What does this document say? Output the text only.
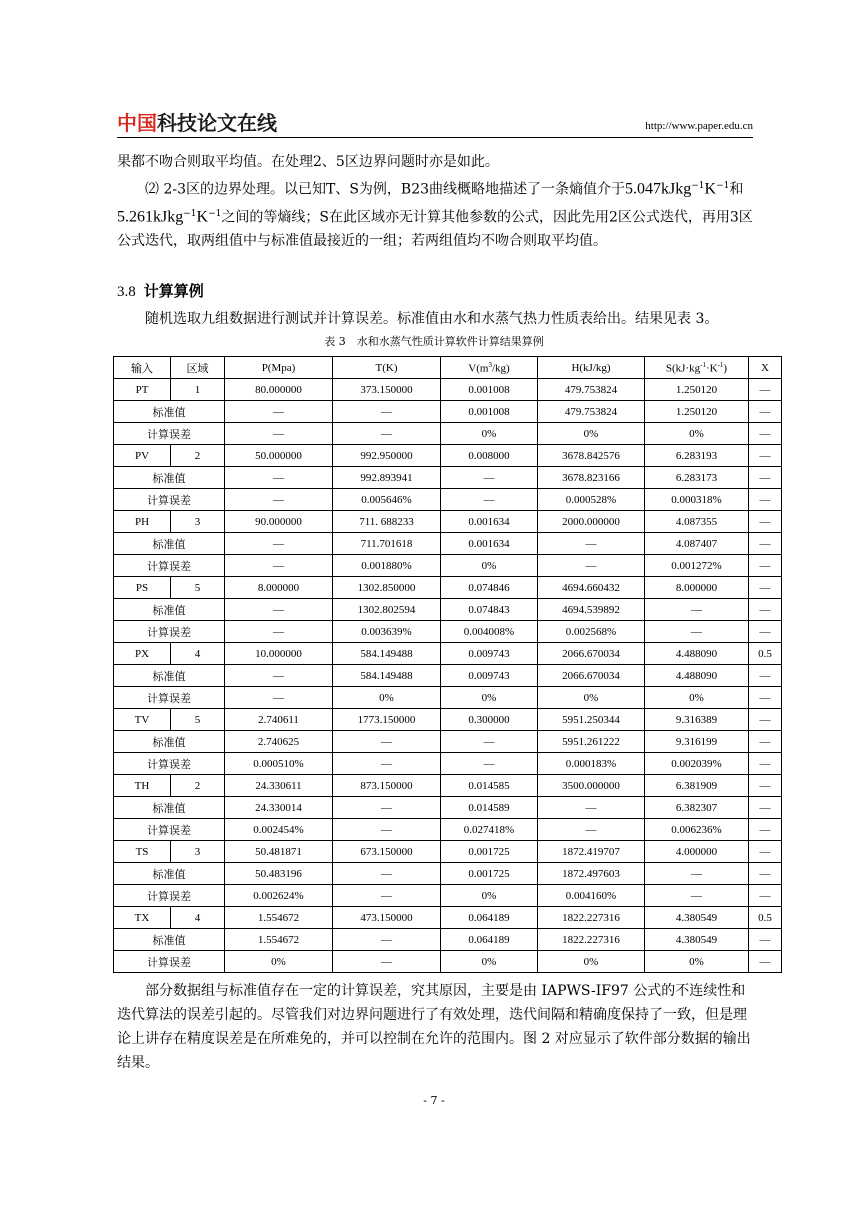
中国科技论文在线	http://www.paper.edu.cn
果都不吻合则取平均值。在处理2、5区边界问题时亦是如此。
⑵ 2-3区的边界处理。以已知T、S为例，B23曲线概略地描述了一条熵值介于$5.047kJkg^{-1}K^{-1}$和$5.261kJkg^{-1}K^{-1}$之间的等熵线；S在此区域亦无计算其他参数的公式，因此先用2区公式迭代，再用3区公式迭代，取两组值中与标准值最接近的一组；若两组值均不吻合则取平均值。
3.8 计算算例
随机选取九组数据进行测试并计算误差。标准值由水和水蒸气热力性质表给出。结果见表 3。
表 3　水和水蒸气性质计算软件计算结果算例
输入	区域	P(Mpa)	T(K)	$V(m^3/kg)$	H(kJ/kg)	$S(kJ\cdot kg^{-1}\cdot K^{-1})$	X
PT	1	80.000000	373.150000	0.001008	479.753824	1.250120	—
标准值		—	—	0.001008	479.753824	1.250120	—
计算误差		—	—	0%	0%	0%	—
PV	2	50.000000	992.950000	0.008000	3678.842576	6.283193	—
标准值		—	992.893941	—	3678.823166	6.283173	—
计算误差		—	0.005646%	—	0.000528%	0.000318%	—
PH	3	90.000000	711. 688233	0.001634	2000.000000	4.087355	—
标准值		—	711.701618	0.001634	—	4.087407	—
计算误差		—	0.001880%	0%	—	0.001272%	—
PS	5	8.000000	1302.850000	0.074846	4694.660432	8.000000	—
标准值		—	1302.802594	0.074843	4694.539892	—	—
计算误差		—	0.003639%	0.004008%	0.002568%	—	—
PX	4	10.000000	584.149488	0.009743	2066.670034	4.488090	0.5
标准值		—	584.149488	0.009743	2066.670034	4.488090	—
计算误差		—	0%	0%	0%	0%	—
TV	5	2.740611	1773.150000	0.300000	5951.250344	9.316389	—
标准值		2.740625	—	—	5951.261222	9.316199	—
计算误差		0.000510%	—	—	0.000183%	0.002039%	—
TH	2	24.330611	873.150000	0.014585	3500.000000	6.381909	—
标准值		24.330014	—	0.014589	—	6.382307	—
计算误差		0.002454%	—	0.027418%	—	0.006236%	—
TS	3	50.481871	673.150000	0.001725	1872.419707	4.000000	—
标准值		50.483196	—	0.001725	1872.497603	—	—
计算误差		0.002624%	—	0%	0.004160%	—	—
TX	4	1.554672	473.150000	0.064189	1822.227316	4.380549	0.5
标准值		1.554672	—	0.064189	1822.227316	4.380549	—
计算误差		0%	—	0%	0%	0%	—
部分数据组与标准值存在一定的计算误差，究其原因，主要是由 IAPWS-IF97 公式的不连续性和迭代算法的误差引起的。尽管我们对边界问题进行了有效处理，迭代间隔和精确度保持了一致，但是理论上讲存在精度误差是在所难免的，并可以控制在允许的范围内。图 2 对应显示了软件部分数据的输出结果。
- 7 -
